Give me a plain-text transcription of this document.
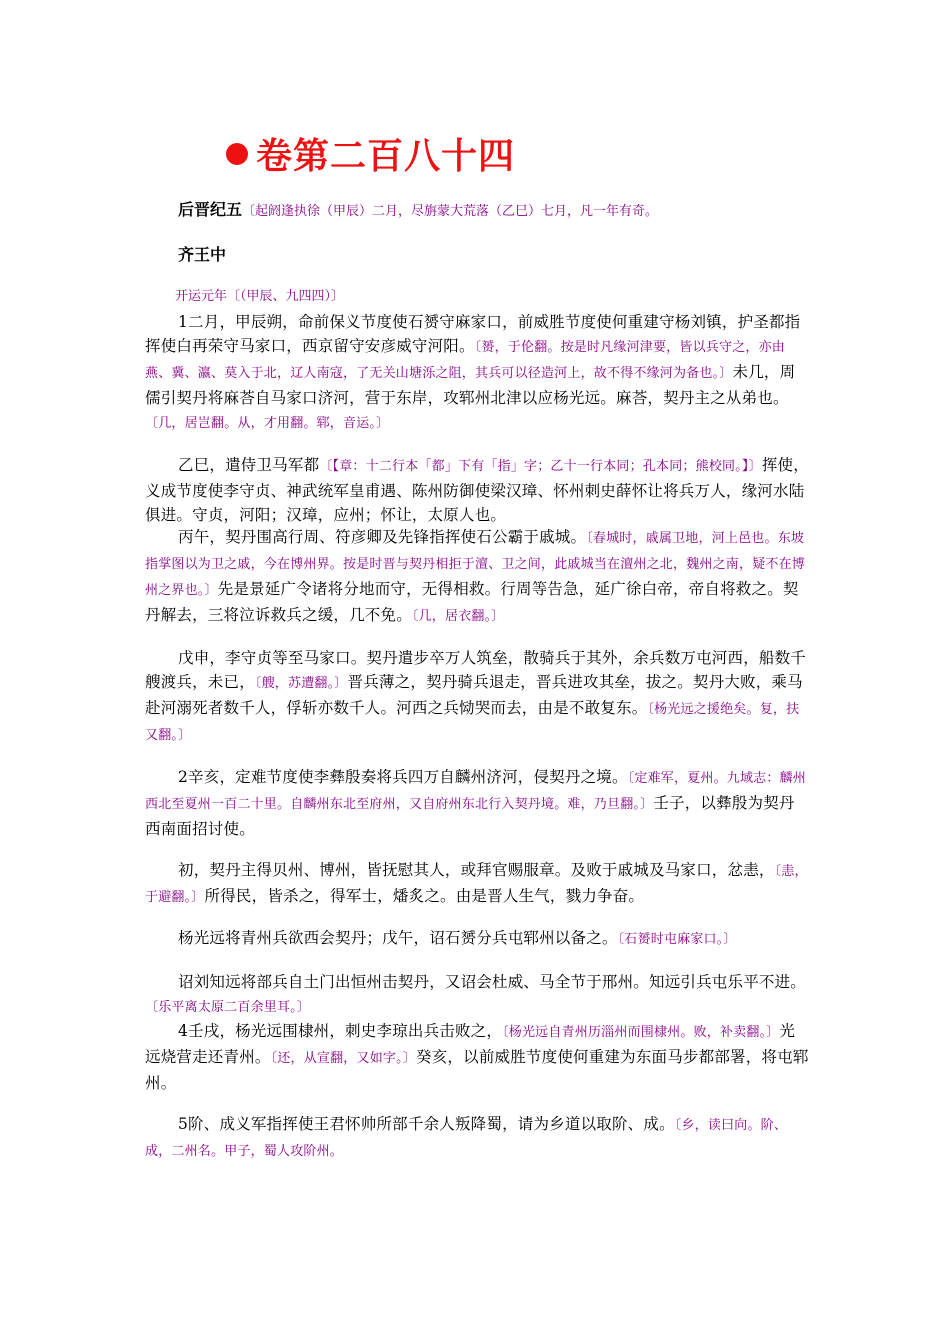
卷第二百八十四
后晋纪五〔起阏逢执徐（甲辰）二月，尽旃蒙大荒落（乙巳）七月，凡一年有奇。
齐王中
开运元年〔（甲辰、九四四）〕
1二月，甲辰朔，命前保义节度使石赟守麻家口，前威胜节度使何重建守杨刘镇，护圣都指挥使白再荣守马家口，西京留守安彦威守河阳。〔赟，于伦翻。按是时凡缘河津要，皆以兵守之，亦由燕、冀、瀛、莫入于北，辽人南寇，了无关山塘泺之阻，其兵可以径造河上，故不得不缘河为备也。〕未几，周儒引契丹将麻荅自马家口济河，营于东岸，攻郓州北津以应杨光远。麻荅，契丹主之从弟也。〔几，居岂翻。从，才用翻。郓，音运。〕
乙巳，遣侍卫马军都〔【章：十二行本「都」下有「指」字；乙十一行本同；孔本同；熊校同。】〕挥使，义成节度使李守贞、神武统军皇甫遇、陈州防御使梁汉璋、怀州刺史薛怀让将兵万人，缘河水陆俱进。守贞，河阳；汉璋，应州；怀让，太原人也。
丙午，契丹围高行周、符彦卿及先锋指挥使石公霸于戚城。〔春城时，戚属卫地，河上邑也。东坡指掌图以为卫之戚，今在博州界。按是时晋与契丹相拒于澶、卫之间，此戚城当在澶州之北，魏州之南，疑不在博州之界也。〕先是景延广令诸将分地而守，无得相救。行周等告急，延广徐白帝，帝自将救之。契丹解去，三将泣诉救兵之缓，几不免。〔几，居衣翻。〕
戊申，李守贞等至马家口。契丹遣步卒万人筑垒，散骑兵于其外，余兵数万屯河西，船数千艘渡兵，未已，〔艘，苏遭翻。〕晋兵薄之，契丹骑兵退走，晋兵进攻其垒，拔之。契丹大败，乘马赴河溺死者数千人，俘斩亦数千人。河西之兵恸哭而去，由是不敢复东。〔杨光远之援绝矣。复，扶又翻。〕
2辛亥，定难节度使李彝殷奏将兵四万自麟州济河，侵契丹之境。〔定难军，夏州。九域志：麟州西北至夏州一百二十里。自麟州东北至府州，又自府州东北行入契丹境。难，乃旦翻。〕壬子，以彝殷为契丹西南面招讨使。
初，契丹主得贝州、博州，皆抚慰其人，或拜官赐服章。及败于戚城及马家口，忿恚，〔恚，于避翻。〕所得民，皆杀之，得军士，燔炙之。由是晋人生气，戮力争奋。
杨光远将青州兵欲西会契丹；戊午，诏石赟分兵屯郓州以备之。〔石赟时屯麻家口。〕
诏刘知远将部兵自土门出恒州击契丹，又诏会杜威、马全节于邢州。知远引兵屯乐平不进。〔乐平离太原二百余里耳。〕
4壬戌，杨光远围棣州，刺史李琼出兵击败之，〔杨光远自青州历淄州而围棣州。败，补卖翻。〕光远烧营走还青州。〔还，从宣翻，又如字。〕癸亥，以前威胜节度使何重建为东面马步都部署，将屯郓州。
5阶、成义军指挥使王君怀帅所部千余人叛降蜀，请为乡道以取阶、成。〔乡，读曰向。阶、成，二州名。甲子，蜀人攻阶州。
